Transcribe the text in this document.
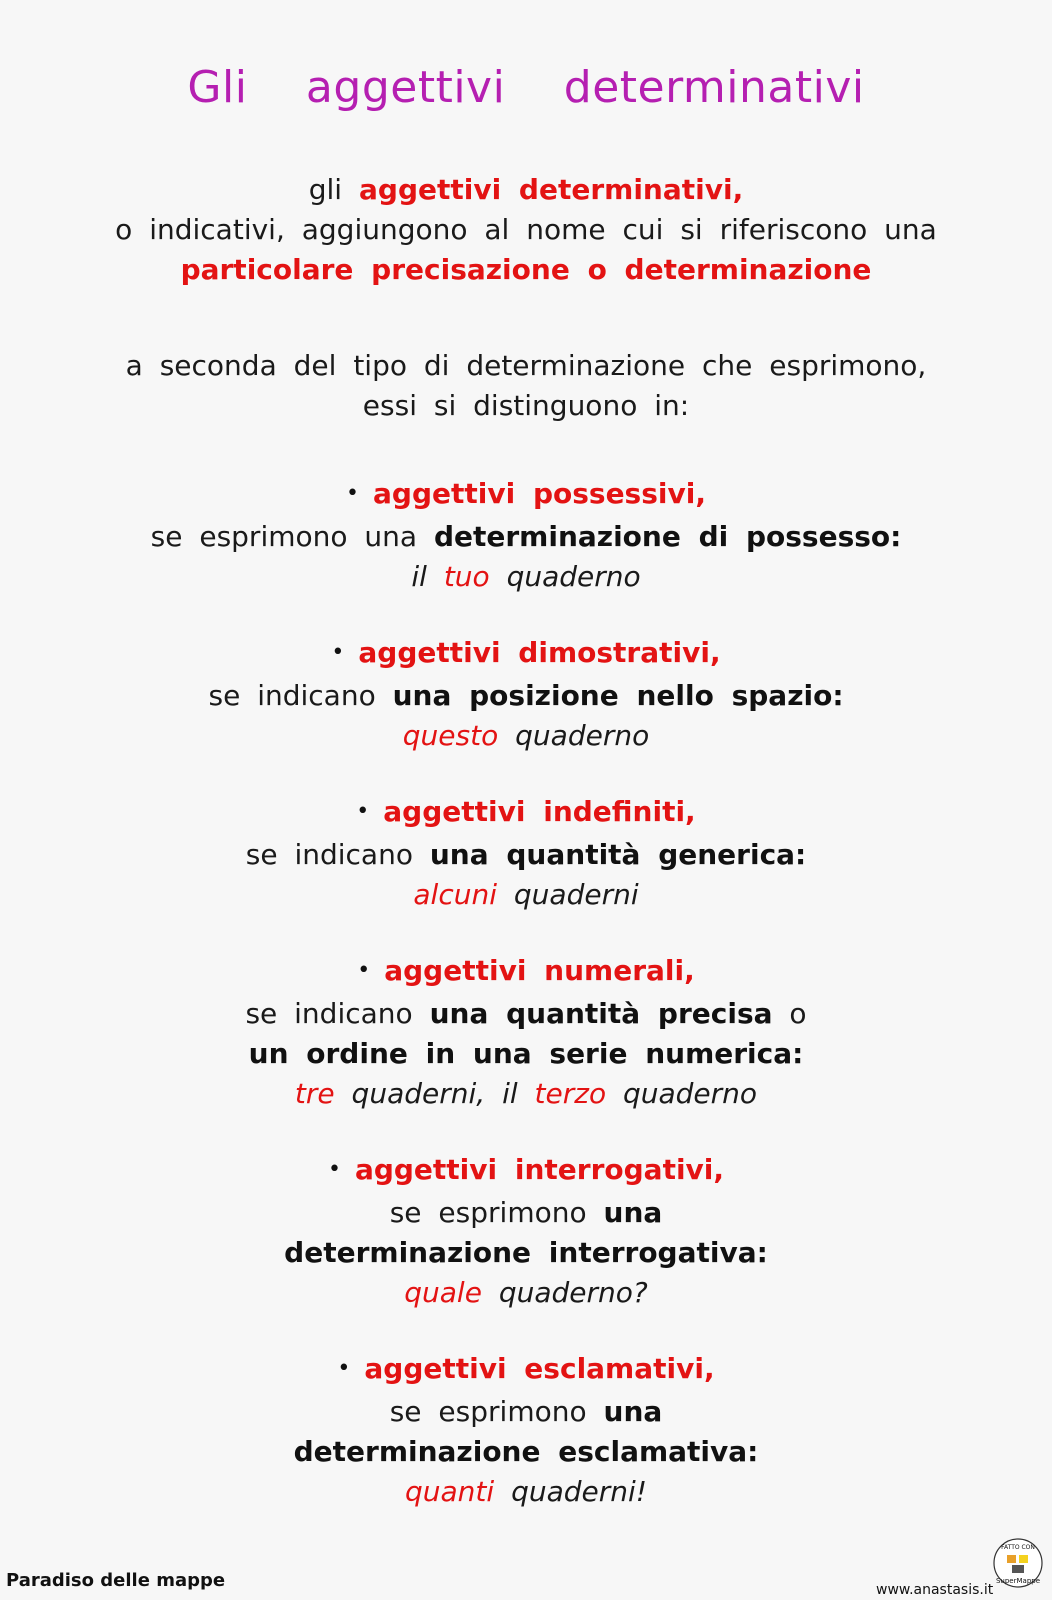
Gli aggettivi determinativi
gli aggettivi determinativi,
o indicativi, aggiungono al nome cui si riferiscono una
particolare precisazione o determinazione
a seconda del tipo di determinazione che esprimono,
essi si distinguono in:
• aggettivi possessivi,
se esprimono una determinazione di possesso:
il tuo quaderno
• aggettivi dimostrativi,
se indicano una posizione nello spazio:
questo quaderno
• aggettivi indefiniti,
se indicano una quantità generica:
alcuni quaderni
• aggettivi numerali,
se indicano una quantità precisa o
un ordine in una serie numerica:
tre quaderni, il terzo quaderno
• aggettivi interrogativi,
se esprimono una
determinazione interrogativa:
quale quaderno?
• aggettivi esclamativi,
se esprimono una
determinazione esclamativa:
quanti quaderni!
Paradiso delle mappe	www.anastasis.it
FATTO CON
SuperMappe
